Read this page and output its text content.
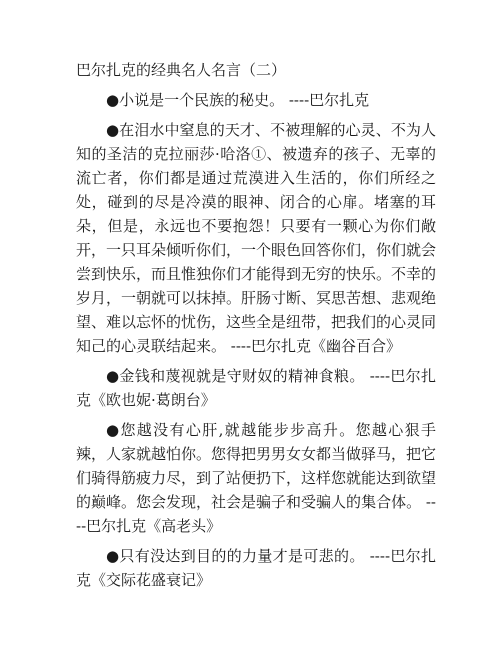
巴尔扎克的经典名人名言（二）

●小说是一个民族的秘史。 ----巴尔扎克

●在泪水中窒息的天才、不被理解的心灵、不为人知的圣洁的克拉丽莎·哈洛①、被遗弃的孩子、无辜的流亡者，你们都是通过荒漠进入生活的，你们所经之处，碰到的尽是冷漠的眼神、闭合的心扉。堵塞的耳朵，但是，永远也不要抱怨！只要有一颗心为你们敞开，一只耳朵倾听你们，一个眼色回答你们，你们就会尝到快乐，而且惟独你们才能得到无穷的快乐。不幸的岁月，一朝就可以抹掉。肝肠寸断、冥思苦想、悲观绝望、难以忘怀的忧伤，这些全是纽带，把我们的心灵同知己的心灵联结起来。 ----巴尔扎克《幽谷百合》

●金钱和蔑视就是守财奴的精神食粮。 ----巴尔扎克《欧也妮·葛朗台》

●您越没有心肝,就越能步步高升。您越心狠手辣，人家就越怕你。您得把男男女女都当做驿马，把它们骑得筋疲力尽，到了站便扔下，这样您就能达到欲望的巅峰。您会发现，社会是骗子和受骗人的集合体。 ----巴尔扎克《高老头》

●只有没达到目的的力量才是可悲的。 ----巴尔扎克《交际花盛衰记》
